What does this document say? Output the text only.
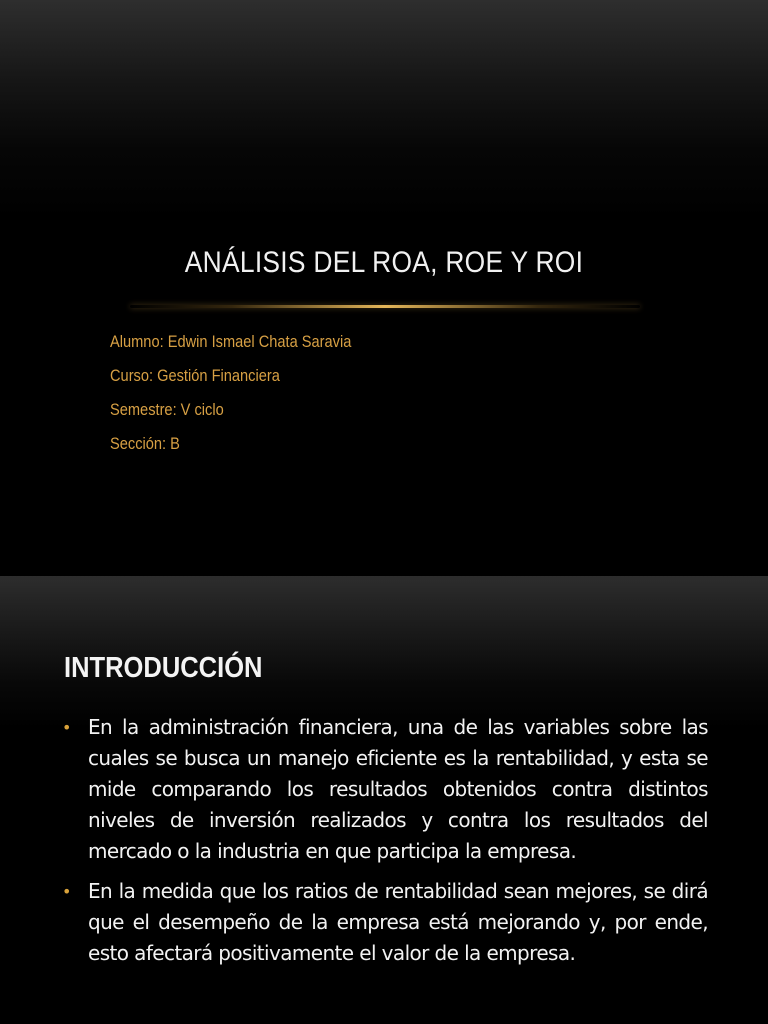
ANÁLISIS DEL ROA, ROE Y ROI
Alumno: Edwin Ismael Chata Saravia
Curso: Gestión Financiera
Semestre: V ciclo
Sección: B
INTRODUCCIÓN
• En la administración financiera, una de las variables sobre las cuales se busca un manejo eficiente es la rentabilidad, y esta se mide comparando los resultados obtenidos contra distintos niveles de inversión realizados y contra los resultados del mercado o la industria en que participa la empresa.
• En la medida que los ratios de rentabilidad sean mejores, se dirá que el desempeño de la empresa está mejorando y, por ende, esto afectará positivamente el valor de la empresa.
